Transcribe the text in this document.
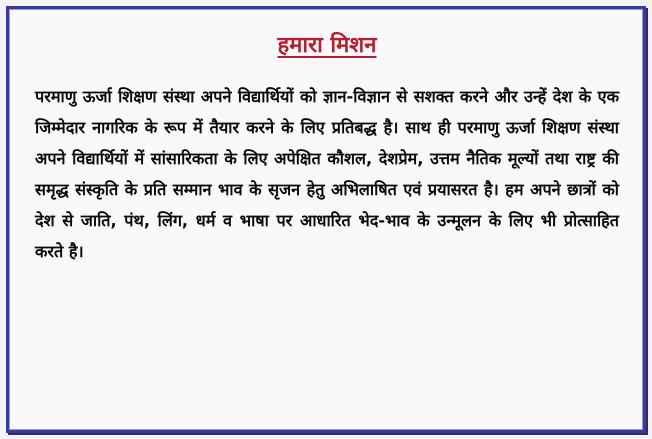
हमारा मिशन

परमाणु ऊर्जा शिक्षण संस्था अपने विद्यार्थियों को ज्ञान-विज्ञान से सशक्त करने और उन्हें देश के एक जिम्मेदार नागरिक के रूप में तैयार करने के लिए प्रतिबद्ध है। साथ ही परमाणु ऊर्जा शिक्षण संस्था अपने विद्यार्थियों में सांसारिकता के लिए अपेक्षित कौशल, देशप्रेम, उत्तम नैतिक मूल्यों तथा राष्ट्र की समृद्ध संस्कृति के प्रति सम्मान भाव के सृजन हेतु अभिलाषित एवं प्रयासरत है। हम अपने छात्रों को देश से जाति, पंथ, लिंग, धर्म व भाषा पर आधारित भेद-भाव के उन्मूलन के लिए भी प्रोत्साहित करते है।
